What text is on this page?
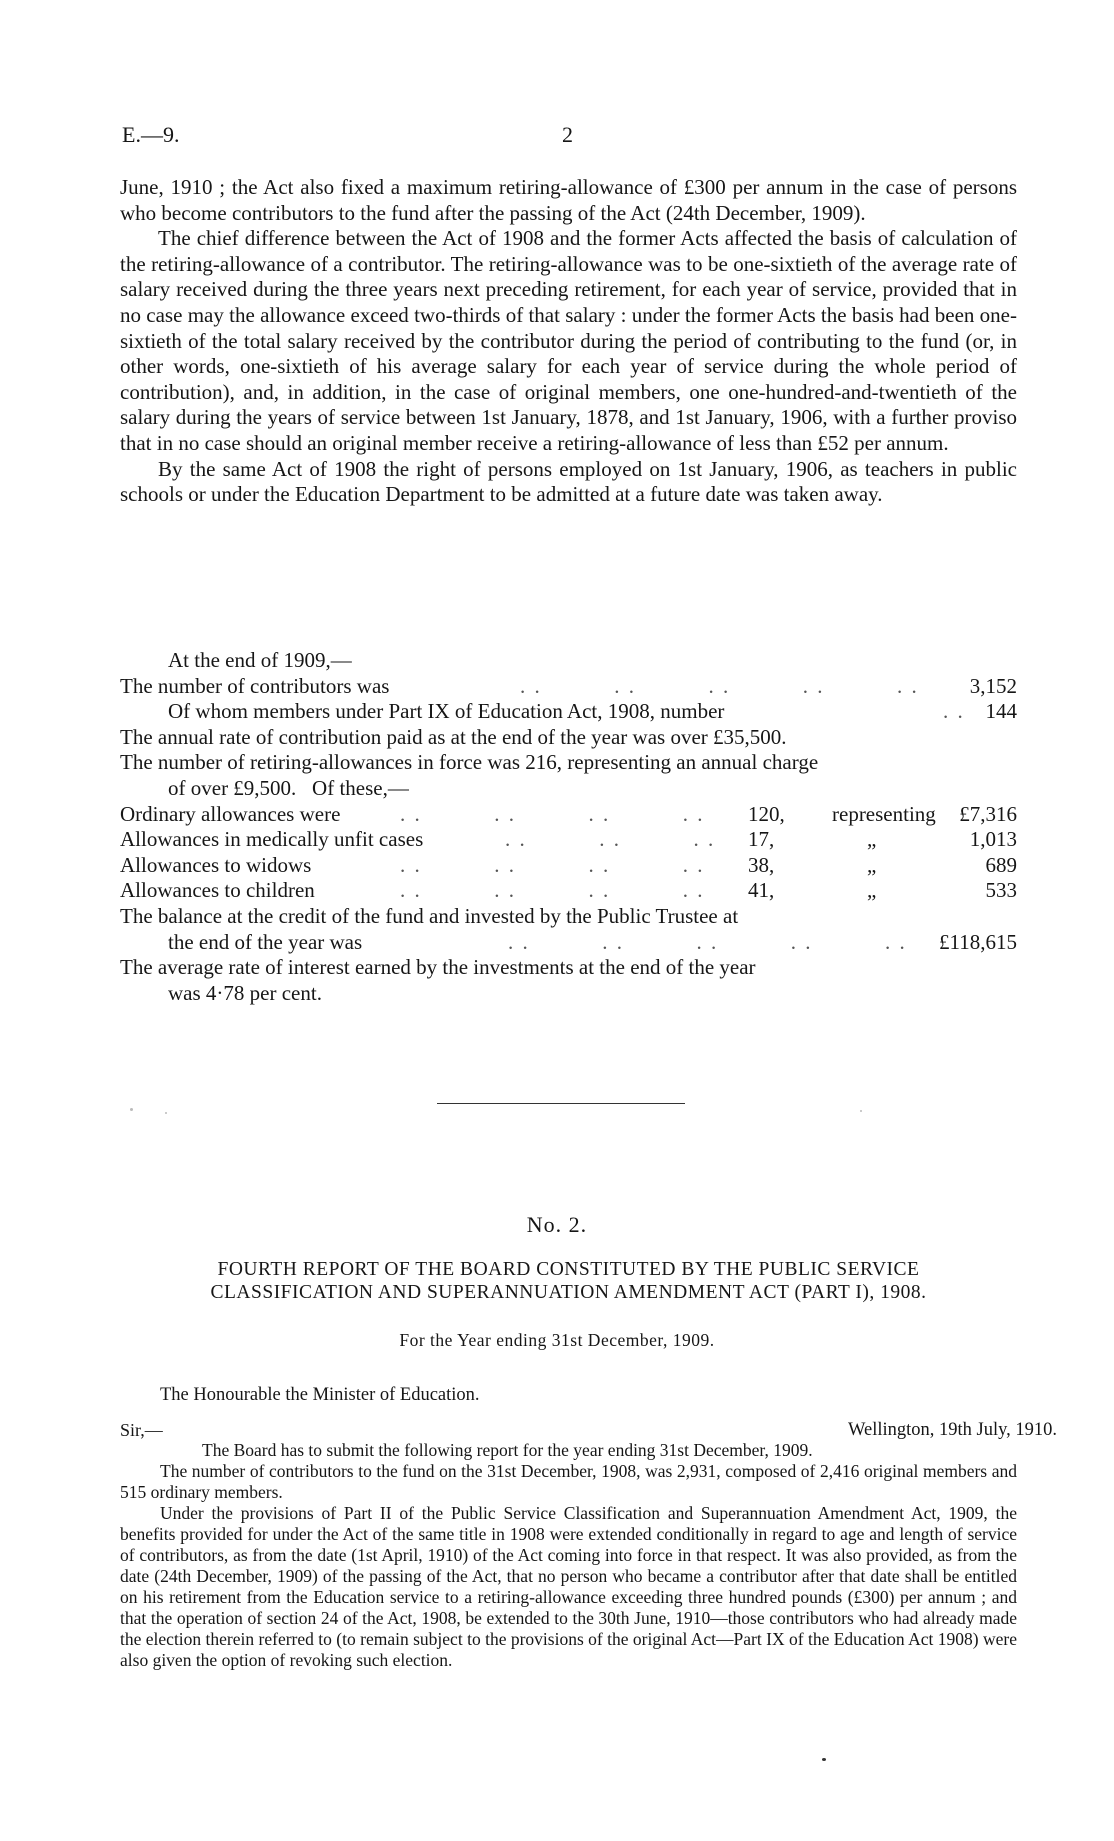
E.—9.	2

June, 1910 ; the Act also fixed a maximum retiring-allowance of £300 per annum in the case of persons who become contributors to the fund after the passing of the Act (24th December, 1909).

The chief difference between the Act of 1908 and the former Acts affected the basis of calculation of the retiring-allowance of a contributor. The retiring-allowance was to be one-sixtieth of the average rate of salary received during the three years next preceding retirement, for each year of service, provided that in no case may the allowance exceed two-thirds of that salary : under the former Acts the basis had been one-sixtieth of the total salary received by the contributor during the period of contributing to the fund (or, in other words, one-sixtieth of his average salary for each year of service during the whole period of contribution), and, in addition, in the case of original members, one one-hundred-and-twentieth of the salary during the years of service between 1st January, 1878, and 1st January, 1906, with a further proviso that in no case should an original member receive a retiring-allowance of less than £52 per annum.

By the same Act of 1908 the right of persons employed on 1st January, 1906, as teachers in public schools or under the Education Department to be admitted at a future date was taken away.

At the end of 1909,—
The number of contributors was	. .          . .          . .          . .          . . 3,152
Of whom members under Part IX of Education Act, 1908, number	. . 144
The annual rate of contribution paid as at the end of the year was over £35,500.
The number of retiring-allowances in force was 216, representing an annual charge
of over £9,500.   Of these,—
Ordinary allowances were	. .          . .          . .          . . 120, representing £7,316
Allowances in medically unfit cases	. .          . .          . . 17,	„	1,013
Allowances to widows	. .          . .          . .          . . 38,	„	689
Allowances to children	. .          . .          . .          . . 41,	„	533
The balance at the credit of the fund and invested by the Public Trustee at
the end of the year was	. .          . .          . .          . .          . . £118,615
The average rate of interest earned by the investments at the end of the year
was 4·78 per cent.
No. 2.
FOURTH REPORT OF THE BOARD CONSTITUTED BY THE PUBLIC SERVICE
CLASSIFICATION AND SUPERANNUATION AMENDMENT ACT (PART I), 1908.
For the Year ending 31st December, 1909.
The Honourable the Minister of Education.
Sir,—	Wellington, 19th July, 1910.

The Board has to submit the following report for the year ending 31st December, 1909.

The number of contributors to the fund on the 31st December, 1908, was 2,931, composed of 2,416 original members and 515 ordinary members.

Under the provisions of Part II of the Public Service Classification and Superannuation Amendment Act, 1909, the benefits provided for under the Act of the same title in 1908 were extended conditionally in regard to age and length of service of contributors, as from the date (1st April, 1910) of the Act coming into force in that respect. It was also provided, as from the date (24th December, 1909) of the passing of the Act, that no person who became a contributor after that date shall be entitled on his retirement from the Education service to a retiring-allowance exceeding three hundred pounds (£300) per annum ; and that the operation of section 24 of the Act, 1908, be extended to the 30th June, 1910—those contributors who had already made the election therein referred to (to remain subject to the provisions of the original Act—Part IX of the Education Act 1908) were also given the option of revoking such election.
